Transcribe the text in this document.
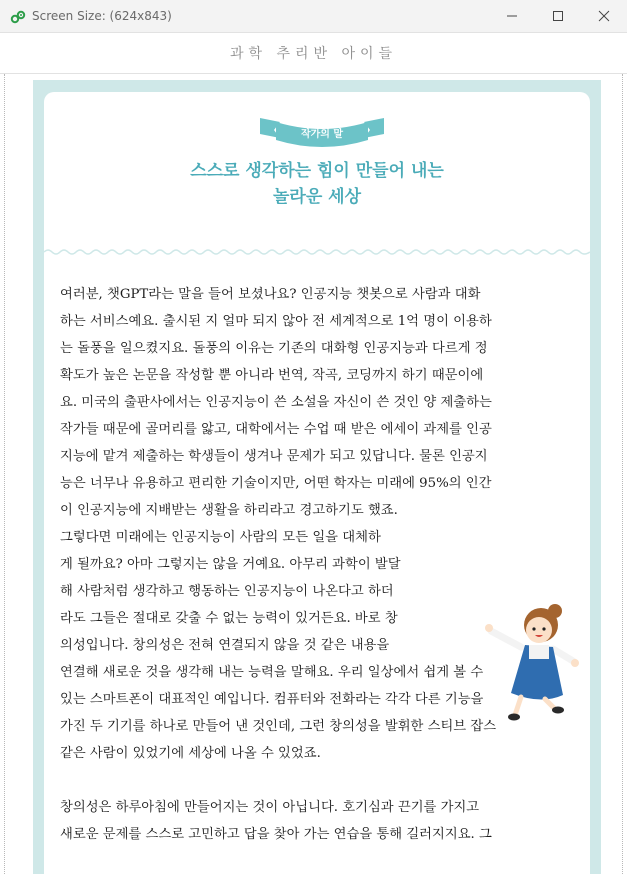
Screen Size: (624x843)
과학 추리반 아이들
작가의 말
스스로 생각하는 힘이 만들어 내는
놀라운 세상
여러분, 챗GPT라는 말을 들어 보셨나요? 인공지능 챗봇으로 사람과 대화
하는 서비스예요. 출시된 지 얼마 되지 않아 전 세계적으로 1억 명이 이용하
는 돌풍을 일으켰지요. 돌풍의 이유는 기존의 대화형 인공지능과 다르게 정
확도가 높은 논문을 작성할 뿐 아니라 번역, 작곡, 코딩까지 하기 때문이에
요. 미국의 출판사에서는 인공지능이 쓴 소설을 자신이 쓴 것인 양 제출하는
작가들 때문에 골머리를 앓고, 대학에서는 수업 때 받은 에세이 과제를 인공
지능에 맡겨 제출하는 학생들이 생겨나 문제가 되고 있답니다. 물론 인공지
능은 너무나 유용하고 편리한 기술이지만, 어떤 학자는 미래에 95%의 인간
이 인공지능에 지배받는 생활을 하리라고 경고하기도 했죠.
그렇다면 미래에는 인공지능이 사람의 모든 일을 대체하
게 될까요? 아마 그렇지는 않을 거예요. 아무리 과학이 발달
해 사람처럼 생각하고 행동하는 인공지능이 나온다고 하더
라도 그들은 절대로 갖출 수 없는 능력이 있거든요. 바로 창
의성입니다. 창의성은 전혀 연결되지 않을 것 같은 내용을
연결해 새로운 것을 생각해 내는 능력을 말해요. 우리 일상에서 쉽게 볼 수
있는 스마트폰이 대표적인 예입니다. 컴퓨터와 전화라는 각각 다른 기능을
가진 두 기기를 하나로 만들어 낸 것인데, 그런 창의성을 발휘한 스티브 잡스
같은 사람이 있었기에 세상에 나올 수 있었죠.
창의성은 하루아침에 만들어지는 것이 아닙니다. 호기심과 끈기를 가지고
새로운 문제를 스스로 고민하고 답을 찾아 가는 연습을 통해 길러지지요. 그
